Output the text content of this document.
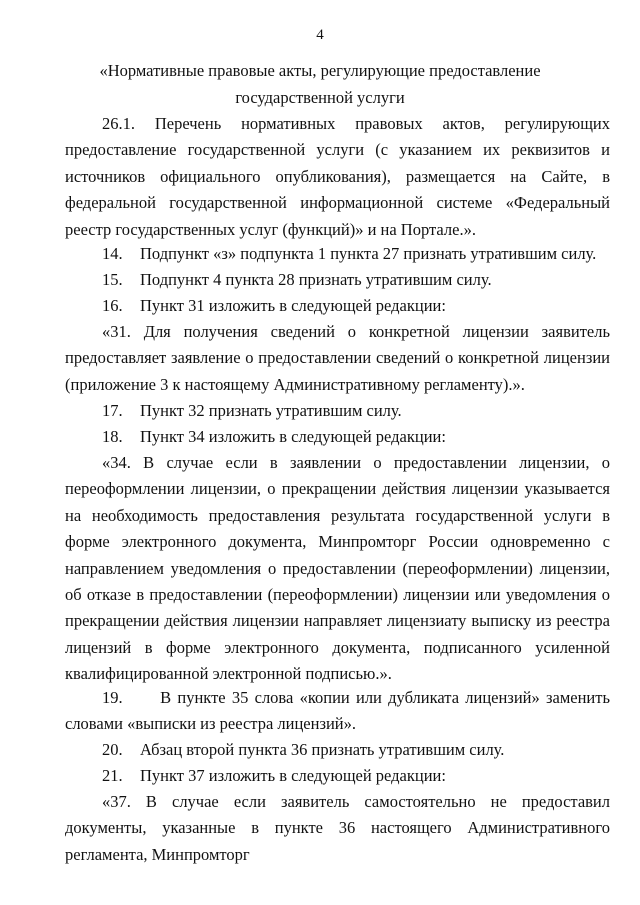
4
«Нормативные правовые акты, регулирующие предоставление
государственной услуги
26.1. Перечень нормативных правовых актов, регулирующих предоставление государственной услуги (с указанием их реквизитов и источников официального опубликования), размещается на Сайте, в федеральной государственной информационной системе «Федеральный реестр государственных услуг (функций)» и на Портале.».
14. Подпункт «з» подпункта 1 пункта 27 признать утратившим силу.
15. Подпункт 4 пункта 28 признать утратившим силу.
16. Пункт 31 изложить в следующей редакции:
«31. Для получения сведений о конкретной лицензии заявитель предоставляет заявление о предоставлении сведений о конкретной лицензии (приложение 3 к настоящему Административному регламенту).».
17. Пункт 32 признать утратившим силу.
18. Пункт 34 изложить в следующей редакции:
«34. В случае если в заявлении о предоставлении лицензии, о переоформлении лицензии, о прекращении действия лицензии указывается на необходимость предоставления результата государственной услуги в форме электронного документа, Минпромторг России одновременно с направлением уведомления о предоставлении (переоформлении) лицензии, об отказе в предоставлении (переоформлении) лицензии или уведомления о прекращении действия лицензии направляет лицензиату выписку из реестра лицензий в форме электронного документа, подписанного усиленной квалифицированной электронной подписью.».
19. В пункте 35 слова «копии или дубликата лицензий» заменить словами «выписки из реестра лицензий».
20. Абзац второй пункта 36 признать утратившим силу.
21. Пункт 37 изложить в следующей редакции:
«37. В случае если заявитель самостоятельно не предоставил документы, указанные в пункте 36 настоящего Административного регламента, Минпромторг
